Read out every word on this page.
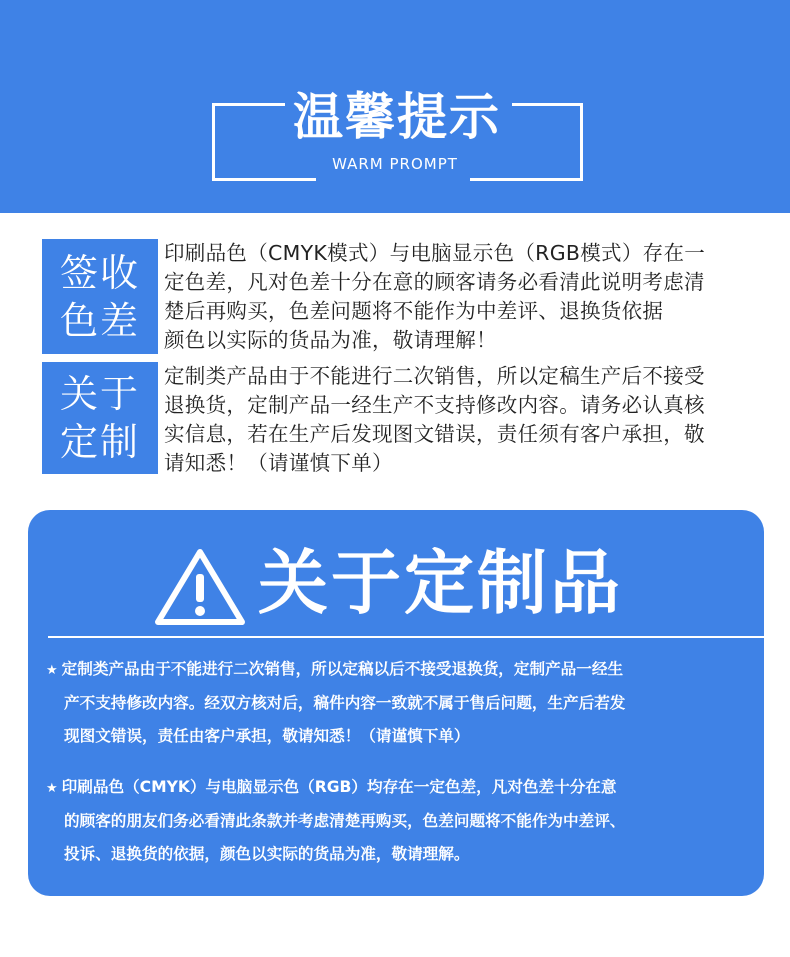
温馨提示
WARM PROMPT
签收
色差
印刷品色（CMYK模式）与电脑显示色（RGB模式）存在一
定色差，凡对色差十分在意的顾客请务必看清此说明考虑清
楚后再购买，色差问题将不能作为中差评、退换货依据
颜色以实际的货品为准，敬请理解！
关于
定制
定制类产品由于不能进行二次销售，所以定稿生产后不接受
退换货，定制产品一经生产不支持修改内容。请务必认真核
实信息，若在生产后发现图文错误，责任须有客户承担，敬
请知悉！（请谨慎下单）
关于定制品
★ 定制类产品由于不能进行二次销售，所以定稿以后不接受退换货，定制产品一经生
产不支持修改内容。经双方核对后，稿件内容一致就不属于售后问题，生产后若发
现图文错误，责任由客户承担，敬请知悉！（请谨慎下单）
★ 印刷品色（CMYK）与电脑显示色（RGB）均存在一定色差，凡对色差十分在意
的顾客的朋友们务必看清此条款并考虑清楚再购买，色差问题将不能作为中差评、
投诉、退换货的依据，颜色以实际的货品为准，敬请理解。
